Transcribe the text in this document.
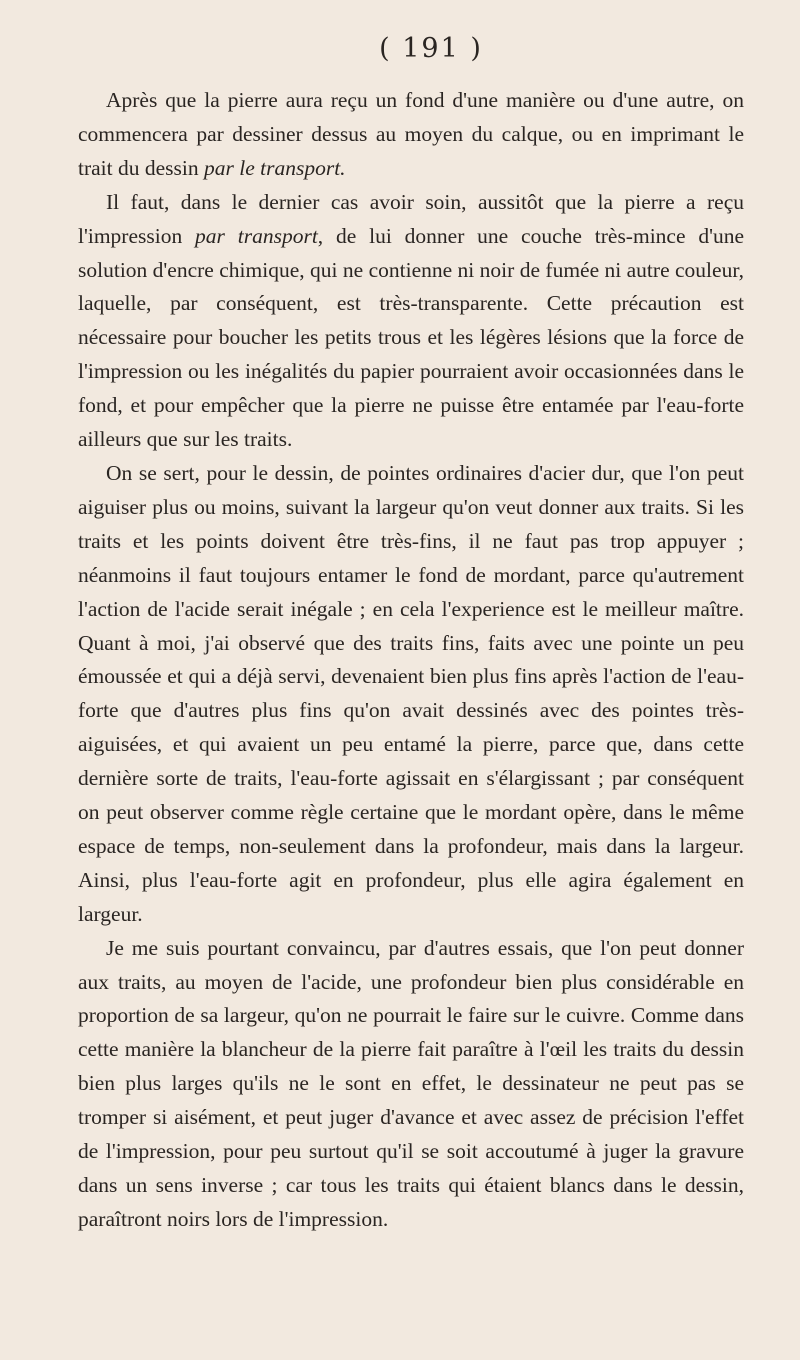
( 191 )

Après que la pierre aura reçu un fond d'une manière ou d'une autre, on commencera par dessiner dessus au moyen du calque, ou en imprimant le trait du dessin par le transport.

Il faut, dans le dernier cas avoir soin, aussitôt que la pierre a reçu l'impression par transport, de lui donner une couche très-mince d'une solution d'encre chimique, qui ne contienne ni noir de fumée ni autre couleur, laquelle, par conséquent, est très-transparente. Cette précaution est nécessaire pour boucher les petits trous et les légères lésions que la force de l'impression ou les inégalités du papier pourraient avoir occasionnées dans le fond, et pour empêcher que la pierre ne puisse être entamée par l'eau-forte ailleurs que sur les traits.

On se sert, pour le dessin, de pointes ordinaires d'acier dur, que l'on peut aiguiser plus ou moins, suivant la largeur qu'on veut donner aux traits. Si les traits et les points doivent être très-fins, il ne faut pas trop appuyer ; néanmoins il faut toujours entamer le fond de mordant, parce qu'autrement l'action de l'acide serait inégale ; en cela l'experience est le meilleur maître. Quant à moi, j'ai observé que des traits fins, faits avec une pointe un peu émoussée et qui a déjà servi, devenaient bien plus fins après l'action de l'eau-forte que d'autres plus fins qu'on avait dessinés avec des pointes très-aiguisées, et qui avaient un peu entamé la pierre, parce que, dans cette dernière sorte de traits, l'eau-forte agissait en s'élargissant ; par conséquent on peut observer comme règle certaine que le mordant opère, dans le même espace de temps, non-seulement dans la profondeur, mais dans la largeur. Ainsi, plus l'eau-forte agit en profondeur, plus elle agira également en largeur.

Je me suis pourtant convaincu, par d'autres essais, que l'on peut donner aux traits, au moyen de l'acide, une profondeur bien plus considérable en proportion de sa largeur, qu'on ne pourrait le faire sur le cuivre. Comme dans cette manière la blancheur de la pierre fait paraître à l'œil les traits du dessin bien plus larges qu'ils ne le sont en effet, le dessinateur ne peut pas se tromper si aisément, et peut juger d'avance et avec assez de précision l'effet de l'impression, pour peu surtout qu'il se soit accoutumé à juger la gravure dans un sens inverse ; car tous les traits qui étaient blancs dans le dessin, paraîtront noirs lors de l'impression.
